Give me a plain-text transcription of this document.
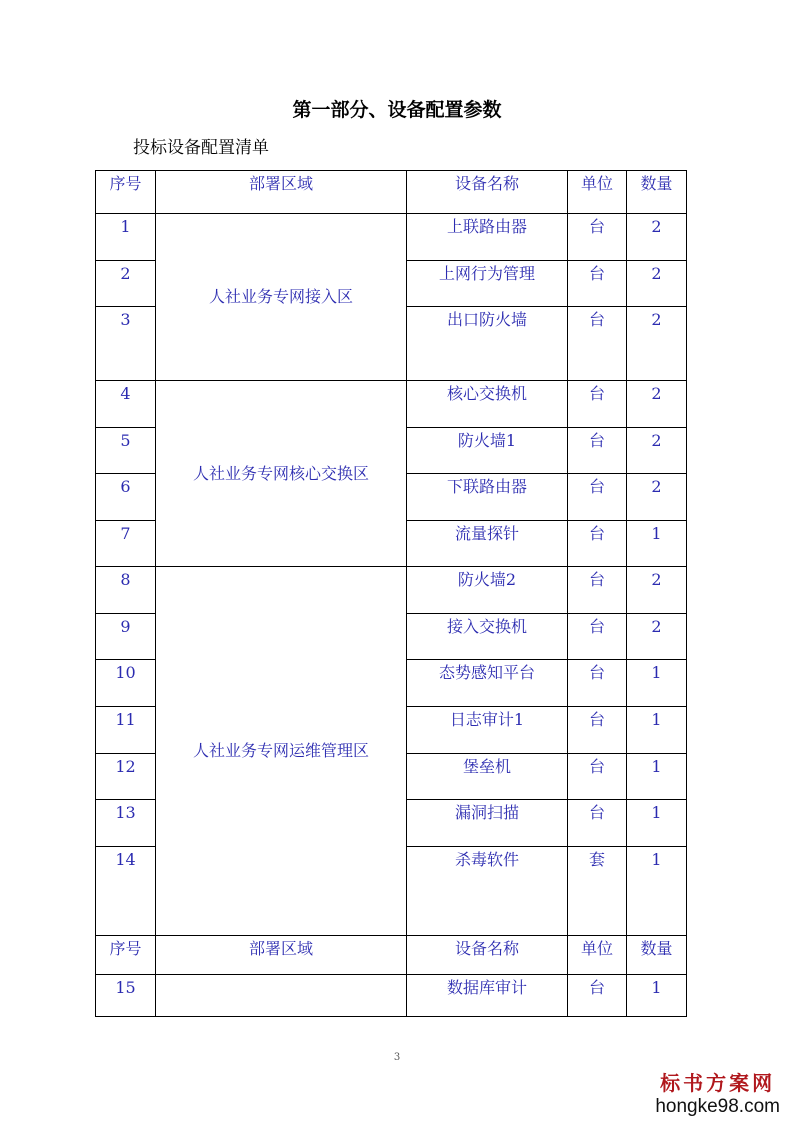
第一部分、设备配置参数
投标设备配置清单
序号	部署区域	设备名称	单位	数量
1	人社业务专网接入区	上联路由器	台	2
2		上网行为管理	台	2
3		出口防火墙	台	2
4	人社业务专网核心交换区	核心交换机	台	2
5		防火墙1	台	2
6		下联路由器	台	2
7		流量探针	台	1
8	人社业务专网运维管理区	防火墙2	台	2
9		接入交换机	台	2
10		态势感知平台	台	1
11		日志审计1	台	1
12		堡垒机	台	1
13		漏洞扫描	台	1
14		杀毒软件	套	1
序号	部署区域	设备名称	单位	数量
15		数据库审计	台	1
3
标书方案网
hongke98.com
